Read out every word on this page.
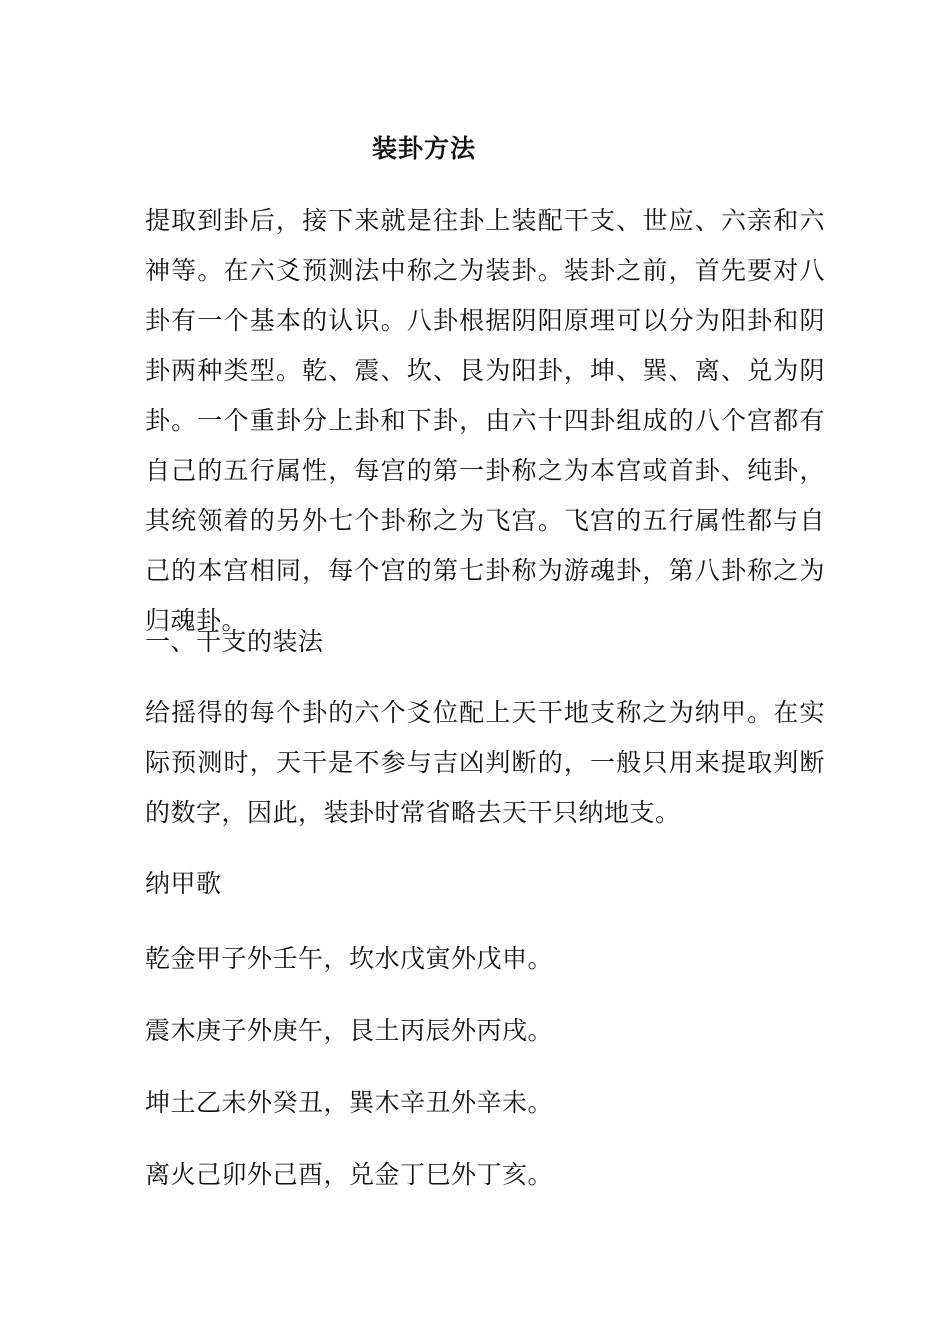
装卦方法

提取到卦后，接下来就是往卦上装配干支、世应、六亲和六神等。在六爻预测法中称之为装卦。装卦之前，首先要对八卦有一个基本的认识。八卦根据阴阳原理可以分为阳卦和阴卦两种类型。乾、震、坎、艮为阳卦，坤、巽、离、兑为阴卦。一个重卦分上卦和下卦，由六十四卦组成的八个宫都有自己的五行属性，每宫的第一卦称之为本宫或首卦、纯卦，其统领着的另外七个卦称之为飞宫。飞宫的五行属性都与自己的本宫相同，每个宫的第七卦称为游魂卦，第八卦称之为归魂卦。

一、干支的装法

给摇得的每个卦的六个爻位配上天干地支称之为纳甲。在实际预测时，天干是不参与吉凶判断的，一般只用来提取判断的数字，因此，装卦时常省略去天干只纳地支。

纳甲歌

乾金甲子外壬午，坎水戊寅外戊申。

震木庚子外庚午，艮土丙辰外丙戌。

坤土乙未外癸丑，巽木辛丑外辛未。

离火己卯外己酉，兑金丁巳外丁亥。
